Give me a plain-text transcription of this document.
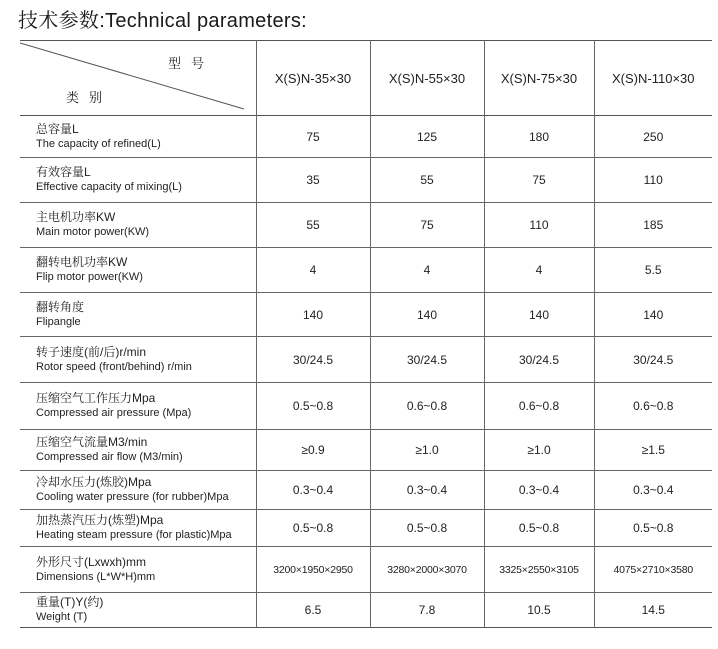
技术参数:Technical parameters:
型号
类别	X(S)N-35×30	X(S)N-55×30	X(S)N-75×30	X(S)N-110×30

总容量L
The capacity of refined(L)	75	125	180	250

有效容量L
Effective capacity of mixing(L)	35	55	75	110

主电机功率KW
Main motor power(KW)	55	75	110	185

翻转电机功率KW
Flip motor power(KW)	4	4	4	5.5

翻转角度
Flipangle	140	140	140	140

转子速度(前/后)r/min
Rotor speed (front/behind) r/min	30/24.5	30/24.5	30/24.5	30/24.5

压缩空气工作压力Mpa
Compressed air pressure (Mpa)	0.5~0.8	0.6~0.8	0.6~0.8	0.6~0.8

压缩空气流量M3/min
Compressed air flow (M3/min)	≥0.9	≥1.0	≥1.0	≥1.5

冷却水压力(炼胶)Mpa
Cooling water pressure (for rubber)Mpa	0.3~0.4	0.3~0.4	0.3~0.4	0.3~0.4

加热蒸汽压力(炼塑)Mpa
Heating steam pressure (for plastic)Mpa	0.5~0.8	0.5~0.8	0.5~0.8	0.5~0.8

外形尺寸(Lxwxh)mm
Dimensions (L*W*H)mm	3200×1950×2950	3280×2000×3070	3325×2550×3105	4075×2710×3580

重量(T)Y(约)
Weight (T)	6.5	7.8	10.5	14.5
